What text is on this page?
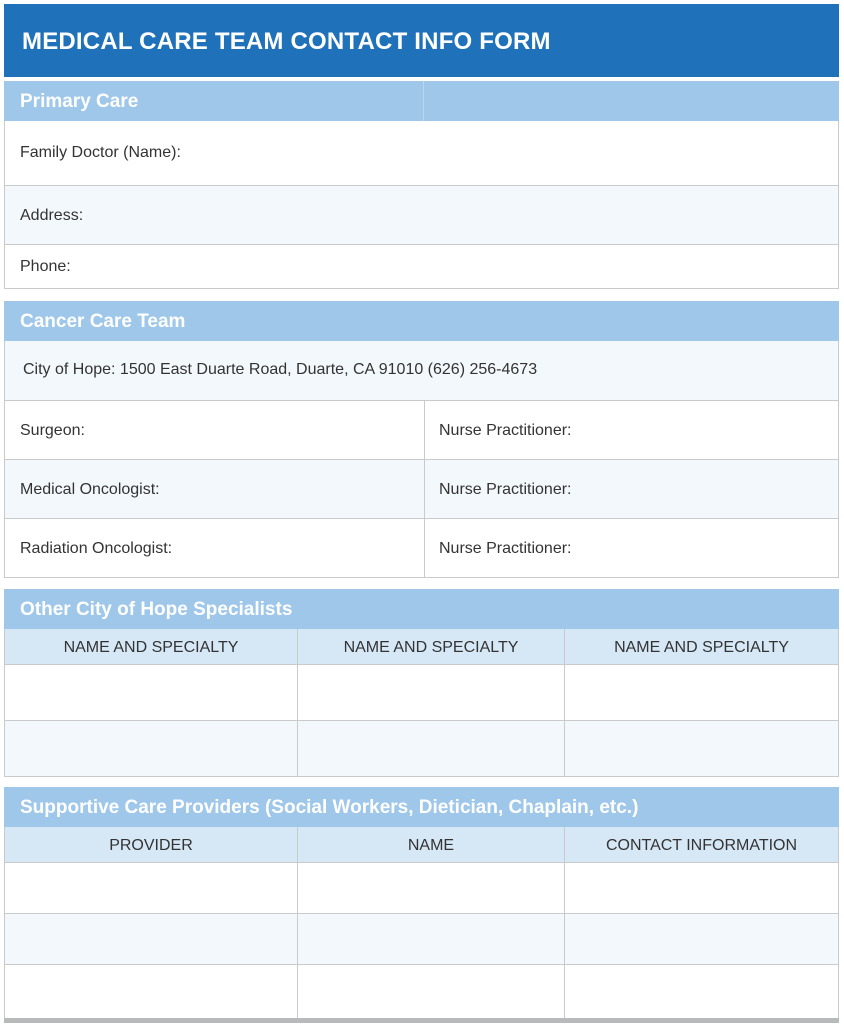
MEDICAL CARE TEAM CONTACT INFO FORM
Primary Care
Family Doctor (Name):
Address:
Phone:
Cancer Care Team
City of Hope: 1500 East Duarte Road, Duarte, CA 91010 (626) 256-4673
Surgeon:	Nurse Practitioner:
Medical Oncologist:	Nurse Practitioner:
Radiation Oncologist:	Nurse Practitioner:
Other City of Hope Specialists
NAME AND SPECIALTY	NAME AND SPECIALTY	NAME AND SPECIALTY
Supportive Care Providers (Social Workers, Dietician, Chaplain, etc.)
PROVIDER	NAME	CONTACT INFORMATION
